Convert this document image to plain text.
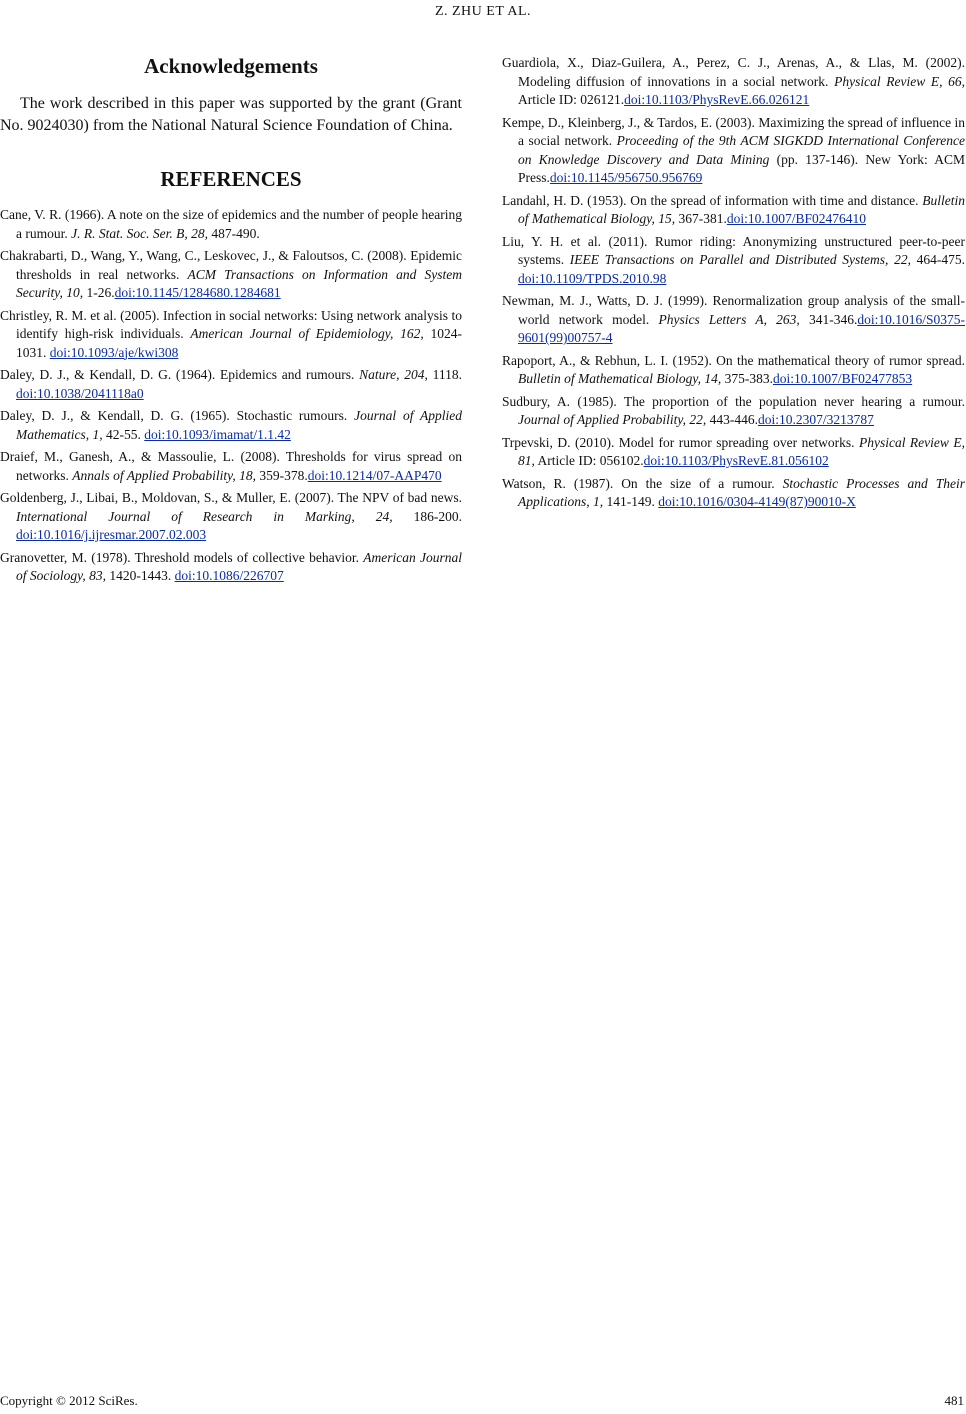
Z. ZHU ET AL.
Acknowledgements

The work described in this paper was supported by the grant (Grant No. 9024030) from the National Natural Science Foundation of China.

REFERENCES

Cane, V. R. (1966). A note on the size of epidemics and the number of people hearing a rumour. J. R. Stat. Soc. Ser. B, 28, 487-490.

Chakrabarti, D., Wang, Y., Wang, C., Leskovec, J., & Faloutsos, C. (2008). Epidemic thresholds in real networks. ACM Transactions on Information and System Security, 10, 1-26.doi:10.1145/1284680.1284681

Christley, R. M. et al. (2005). Infection in social networks: Using network analysis to identify high-risk individuals. American Journal of Epidemiology, 162, 1024-1031. doi:10.1093/aje/kwi308

Daley, D. J., & Kendall, D. G. (1964). Epidemics and rumours. Nature, 204, 1118. doi:10.1038/2041118a0

Daley, D. J., & Kendall, D. G. (1965). Stochastic rumours. Journal of Applied Mathematics, 1, 42-55. doi:10.1093/imamat/1.1.42

Draief, M., Ganesh, A., & Massoulie, L. (2008). Thresholds for virus spread on networks. Annals of Applied Probability, 18, 359-378.doi:10.1214/07-AAP470

Goldenberg, J., Libai, B., Moldovan, S., & Muller, E. (2007). The NPV of bad news. International Journal of Research in Marking, 24, 186-200. doi:10.1016/j.ijresmar.2007.02.003

Granovetter, M. (1978). Threshold models of collective behavior. American Journal of Sociology, 83, 1420-1443. doi:10.1086/226707

Guardiola, X., Diaz-Guilera, A., Perez, C. J., Arenas, A., & Llas, M. (2002). Modeling diffusion of innovations in a social network. Physical Review E, 66, Article ID: 026121.doi:10.1103/PhysRevE.66.026121

Kempe, D., Kleinberg, J., & Tardos, E. (2003). Maximizing the spread of influence in a social network. Proceeding of the 9th ACM SIGKDD International Conference on Knowledge Discovery and Data Mining (pp. 137-146). New York: ACM Press.doi:10.1145/956750.956769

Landahl, H. D. (1953). On the spread of information with time and distance. Bulletin of Mathematical Biology, 15, 367-381.doi:10.1007/BF02476410

Liu, Y. H. et al. (2011). Rumor riding: Anonymizing unstructured peer-to-peer systems. IEEE Transactions on Parallel and Distributed Systems, 22, 464-475. doi:10.1109/TPDS.2010.98

Newman, M. J., Watts, D. J. (1999). Renormalization group analysis of the small-world network model. Physics Letters A, 263, 341-346.doi:10.1016/S0375-9601(99)00757-4

Rapoport, A., & Rebhun, L. I. (1952). On the mathematical theory of rumor spread. Bulletin of Mathematical Biology, 14, 375-383.doi:10.1007/BF02477853

Sudbury, A. (1985). The proportion of the population never hearing a rumour. Journal of Applied Probability, 22, 443-446.doi:10.2307/3213787

Trpevski, D. (2010). Model for rumor spreading over networks. Physical Review E, 81, Article ID: 056102.doi:10.1103/PhysRevE.81.056102

Watson, R. (1987). On the size of a rumour. Stochastic Processes and Their Applications, 1, 141-149. doi:10.1016/0304-4149(87)90010-X

Copyright © 2012 SciRes.	481
